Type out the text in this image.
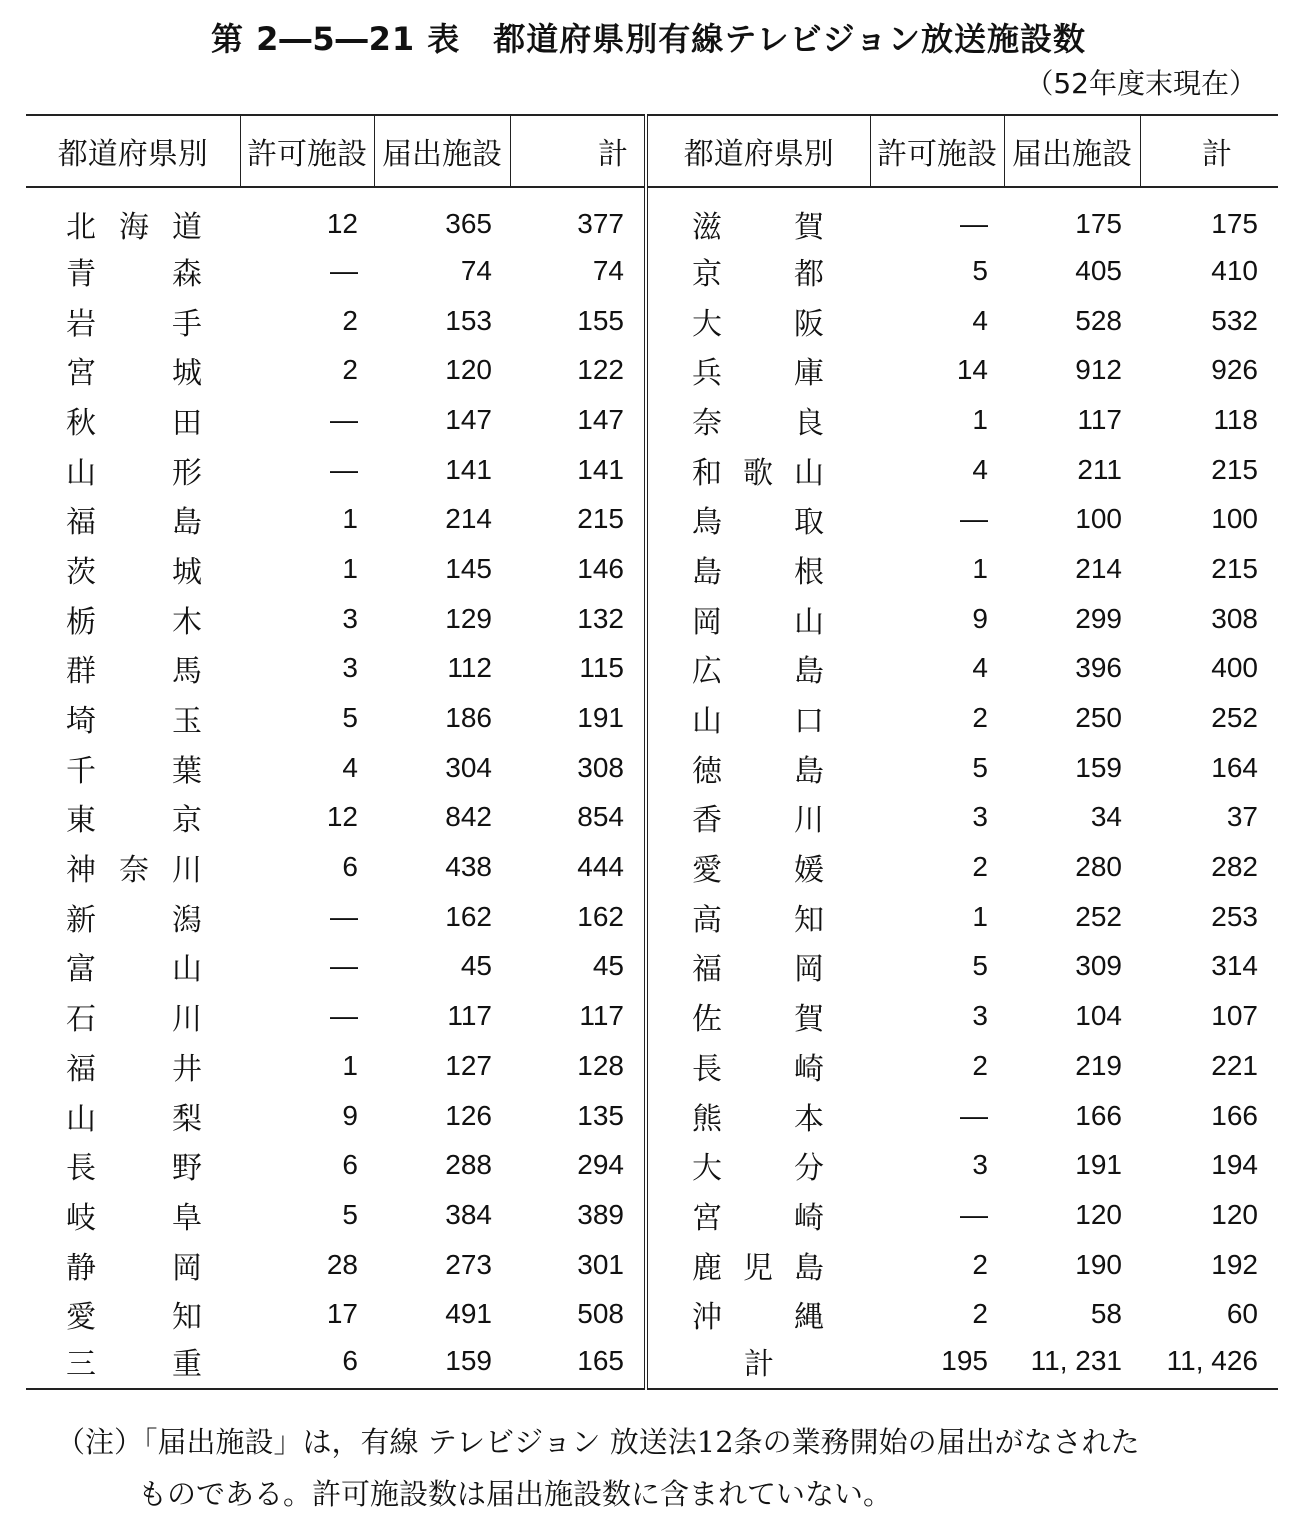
第 2―5―21 表　都道府県別有線テレビジョン放送施設数
（52年度末現在）
都道府県別	許可施設	届出施設	計	都道府県別	許可施設	届出施設	計

北 海 道	12	365	377	滋 賀	—	175	175

青 森	—	74	74	京 都	5	405	410

岩 手	2	153	155	大 阪	4	528	532

宮 城	2	120	122	兵 庫	14	912	926

秋 田	—	147	147	奈 良	1	117	118

山 形	—	141	141	和 歌 山	4	211	215

福 島	1	214	215	鳥 取	—	100	100

茨 城	1	145	146	島 根	1	214	215

栃 木	3	129	132	岡 山	9	299	308

群 馬	3	112	115	広 島	4	396	400

埼 玉	5	186	191	山 口	2	250	252

千 葉	4	304	308	徳 島	5	159	164

東 京	12	842	854	香 川	3	34	37

神 奈 川	6	438	444	愛 媛	2	280	282

新 潟	—	162	162	高 知	1	252	253

富 山	—	45	45	福 岡	5	309	314

石 川	—	117	117	佐 賀	3	104	107

福 井	1	127	128	長 崎	2	219	221

山 梨	9	126	135	熊 本	—	166	166

長 野	6	288	294	大 分	3	191	194

岐 阜	5	384	389	宮 崎	—	120	120

静 岡	28	273	301	鹿 児 島	2	190	192

愛 知	17	491	508	沖 縄	2	58	60

三 重	6	159	165	計	195	11, 231	11, 426
（注）「届出施設」は，有線 テレビジョン 放送法12条の業務開始の届出がなされた
ものである。許可施設数は届出施設数に含まれていない。
